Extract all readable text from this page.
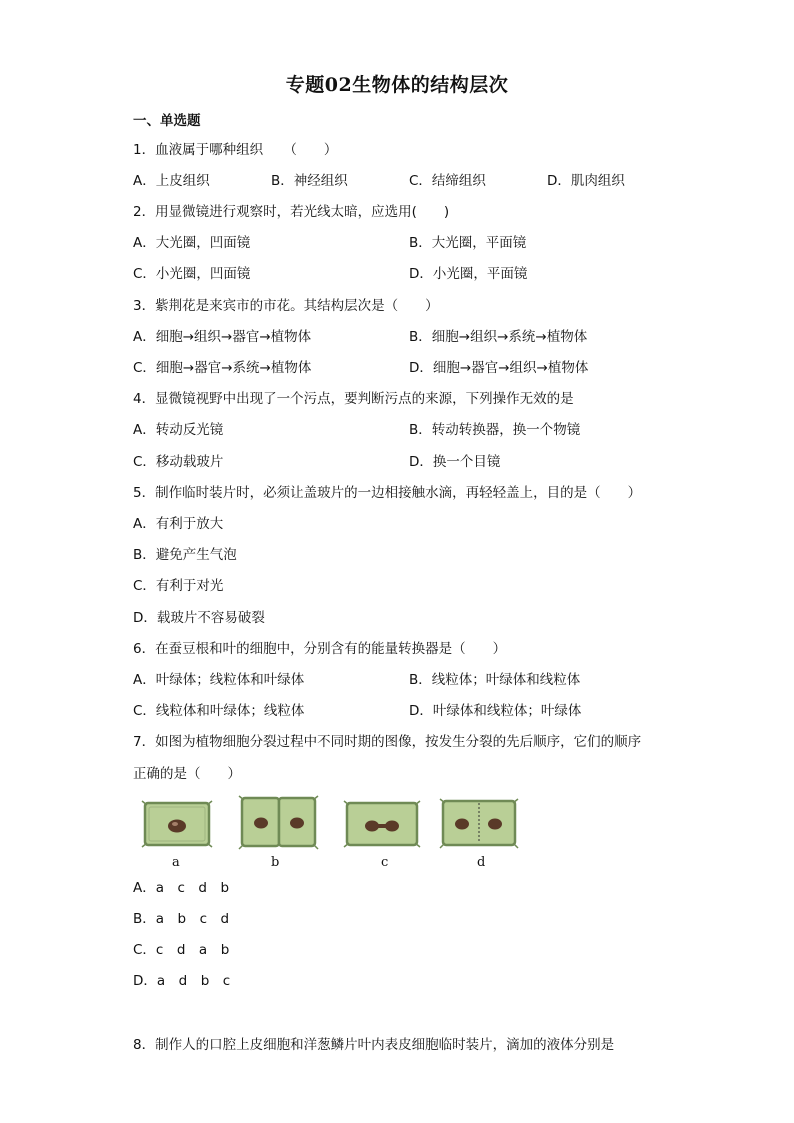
专题02生物体的结构层次
一、单选题
1．血液属于哪种组织　　（　　）
A．上皮组织	B．神经组织	C．结缔组织	D．肌肉组织
2．用显微镜进行观察时，若光线太暗，应选用(　　)
A．大光圈，凹面镜	B．大光圈，平面镜
C．小光圈，凹面镜	D．小光圈，平面镜
3．紫荆花是来宾市的市花。其结构层次是（　　）
A．细胞→组织→器官→植物体	B．细胞→组织→系统→植物体
C．细胞→器官→系统→植物体	D．细胞→器官→组织→植物体
4．显微镜视野中出现了一个污点，要判断污点的来源，下列操作无效的是
A．转动反光镜	B．转动转换器，换一个物镜
C．移动载玻片	D．换一个目镜
5．制作临时装片时，必须让盖玻片的一边相接触水滴，再轻轻盖上，目的是（　　）
A．有利于放大
B．避免产生气泡
C．有利于对光
D．载玻片不容易破裂
6．在蚕豆根和叶的细胞中，分别含有的能量转换器是（　　）
A．叶绿体；线粒体和叶绿体	B．线粒体；叶绿体和线粒体
C．线粒体和叶绿体；线粒体	D．叶绿体和线粒体；叶绿体
7．如图为植物细胞分裂过程中不同时期的图像，按发生分裂的先后顺序，它们的顺序
正确的是（　　）
a	b	c	d
A．a　c　d　b
B．a　b　c　d
C．c　d　a　b
D．a　d　b　c
8．制作人的口腔上皮细胞和洋葱鳞片叶内表皮细胞临时装片，滴加的液体分别是
